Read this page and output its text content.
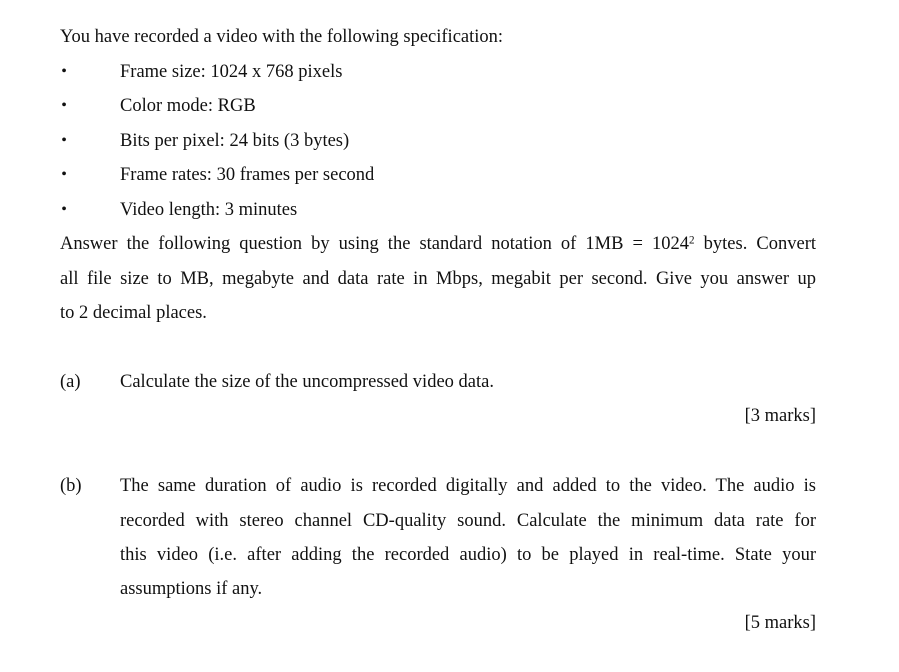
You have recorded a video with the following specification:
•	Frame size: 1024 x 768 pixels
•	Color mode: RGB
•	Bits per pixel: 24 bits (3 bytes)
•	Frame rates: 30 frames per second
•	Video length: 3 minutes
Answer the following question by using the standard notation of $1MB = 1024^2$ bytes. Convert
all file size to MB, megabyte and data rate in Mbps, megabit per second. Give you answer up
to 2 decimal places.
(a) Calculate the size of the uncompressed video data.
[3 marks]
(b) The same duration of audio is recorded digitally and added to the video. The audio is
recorded with stereo channel CD-quality sound. Calculate the minimum data rate for
this video (i.e. after adding the recorded audio) to be played in real-time. State your
assumptions if any.
[5 marks]
